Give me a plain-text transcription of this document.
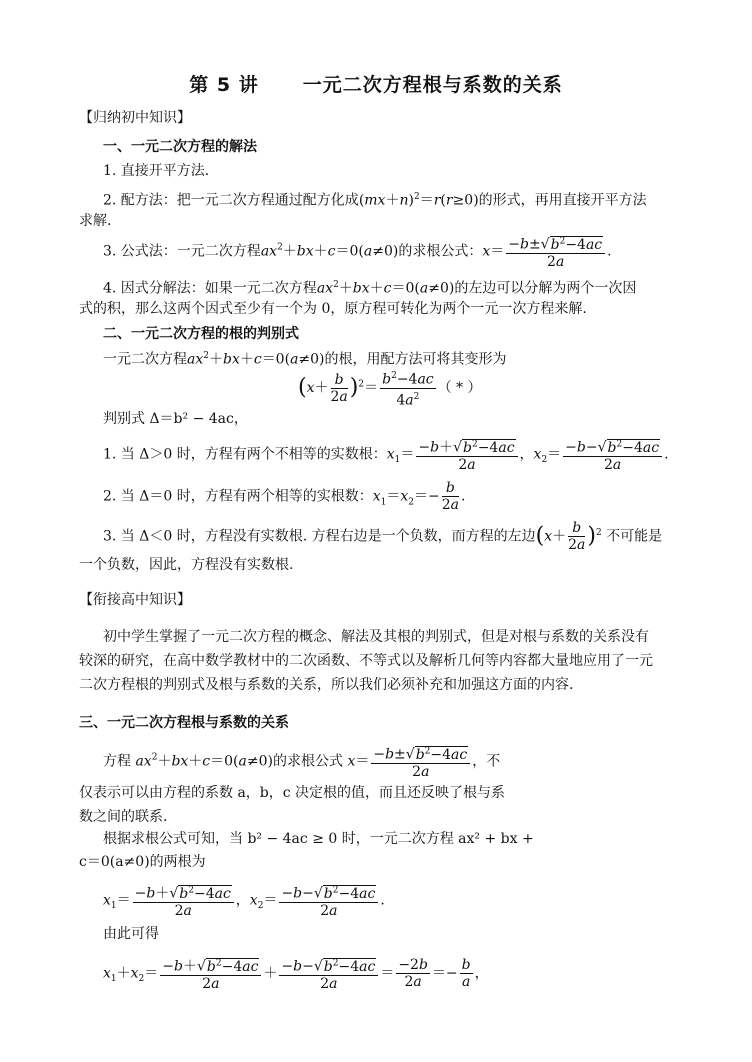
第 5 讲 一元二次方程根与系数的关系
【归纳初中知识】
一、一元二次方程的解法
1. 直接开平方法.
2. 配方法：把一元二次方程通过配方化成$(mx+n)^2=r(r\ge 0)$的形式，再用直接开平方法
求解.
3. 公式法：一元二次方程$ax^2+bx+c=0(a\ne 0)$的求根公式：$x= \frac{-b\pm√b^2-4ac}{2a}$ .
4. 因式分解法：如果一元二次方程$ax^2+bx+c=0(a\ne 0)$的左边可以分解为两个一次因
式的积，那么这两个因式至少有一个为 0，原方程可转化为两个一元一次方程来解.
二、一元二次方程的根的判别式
一元二次方程$ax^2+bx+c=0(a\ne 0)$的根，用配方法可将其变形为
$(x+ \frac{b}{2a} )^2= \frac{b^2-4ac}{4a^2}$ （ * ）
判别式 Δ＝b² − 4ac，
1. 当 Δ＞0 时，方程有两个不相等的实数根：$x_1= \frac{-b+√b^2-4ac}{2a}$ ，$x_2= \frac{-b-√b^2-4ac}{2a}$ .
2. 当 Δ＝0 时，方程有两个相等的实根数：$x_1=x_2=- \frac{b}{2a}$ .
3. 当 Δ＜0 时，方程没有实数根. 方程右边是一个负数，而方程的左边$(x+ \frac{b}{2a} )^2$ 不可能是
一个负数，因此，方程没有实数根.
【衔接高中知识】
初中学生掌握了一元二次方程的概念、解法及其根的判别式，但是对根与系数的关系没有
较深的研究，在高中数学教材中的二次函数、不等式以及解析几何等内容都大量地应用了一元
二次方程根的判别式及根与系数的关系，所以我们必须补充和加强这方面的内容.
三、一元二次方程根与系数的关系
方程 $ax^2+bx+c=0(a\ne 0)$的求根公式 $x= \frac{-b\pm√b^2-4ac}{2a}$ ，不
仅表示可以由方程的系数 a，b，c 决定根的值，而且还反映了根与系
数之间的联系.
根据求根公式可知，当 b² − 4ac ≥ 0 时，一元二次方程 ax² + bx +
c＝0(a≠0)的两根为
$x_1= \frac{-b+√b^2-4ac}{2a}$ ，$x_2= \frac{-b-√b^2-4ac}{2a}$ .
由此可得
$x_1+x_2= \frac{-b+√b^2-4ac}{2a} + \frac{-b-√b^2-4ac}{2a} = \frac{-2b}{2a} =- \frac{b}{a}$ ，
